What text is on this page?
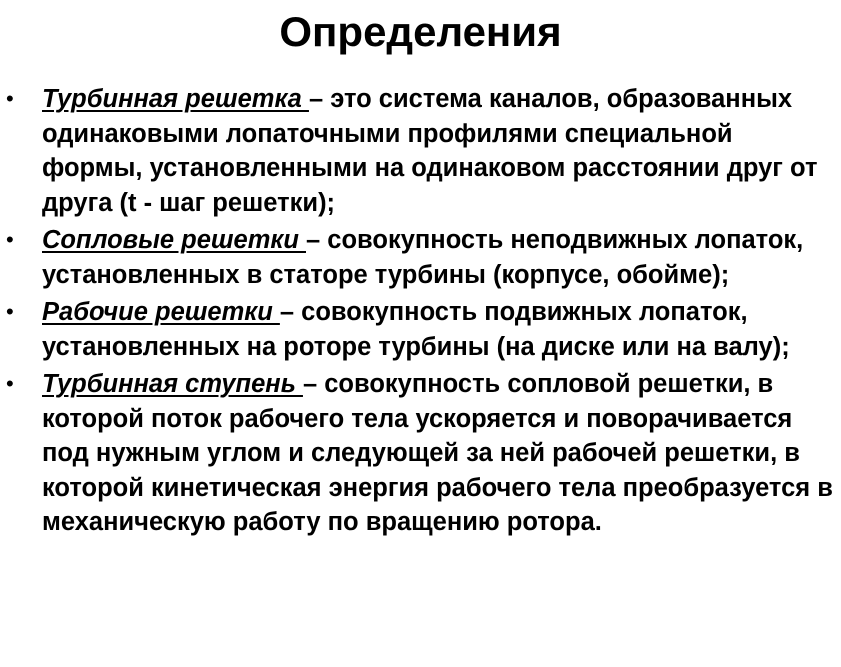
Определения
• Турбинная решетка – это система каналов, образованных одинаковыми лопаточными профилями специальной формы, установленными на одинаковом расстоянии друг от друга (t - шаг решетки);
• Сопловые решетки – совокупность неподвижных лопаток, установленных в статоре турбины (корпусе, обойме);
• Рабочие решетки – совокупность подвижных лопаток, установленных на роторе турбины (на диске или на валу);
• Турбинная ступень – совокупность сопловой решетки, в которой поток рабочего тела ускоряется и поворачивается под нужным углом и следующей за ней рабочей решетки, в которой кинетическая энергия рабочего тела преобразуется в механическую работу по вращению ротора.
